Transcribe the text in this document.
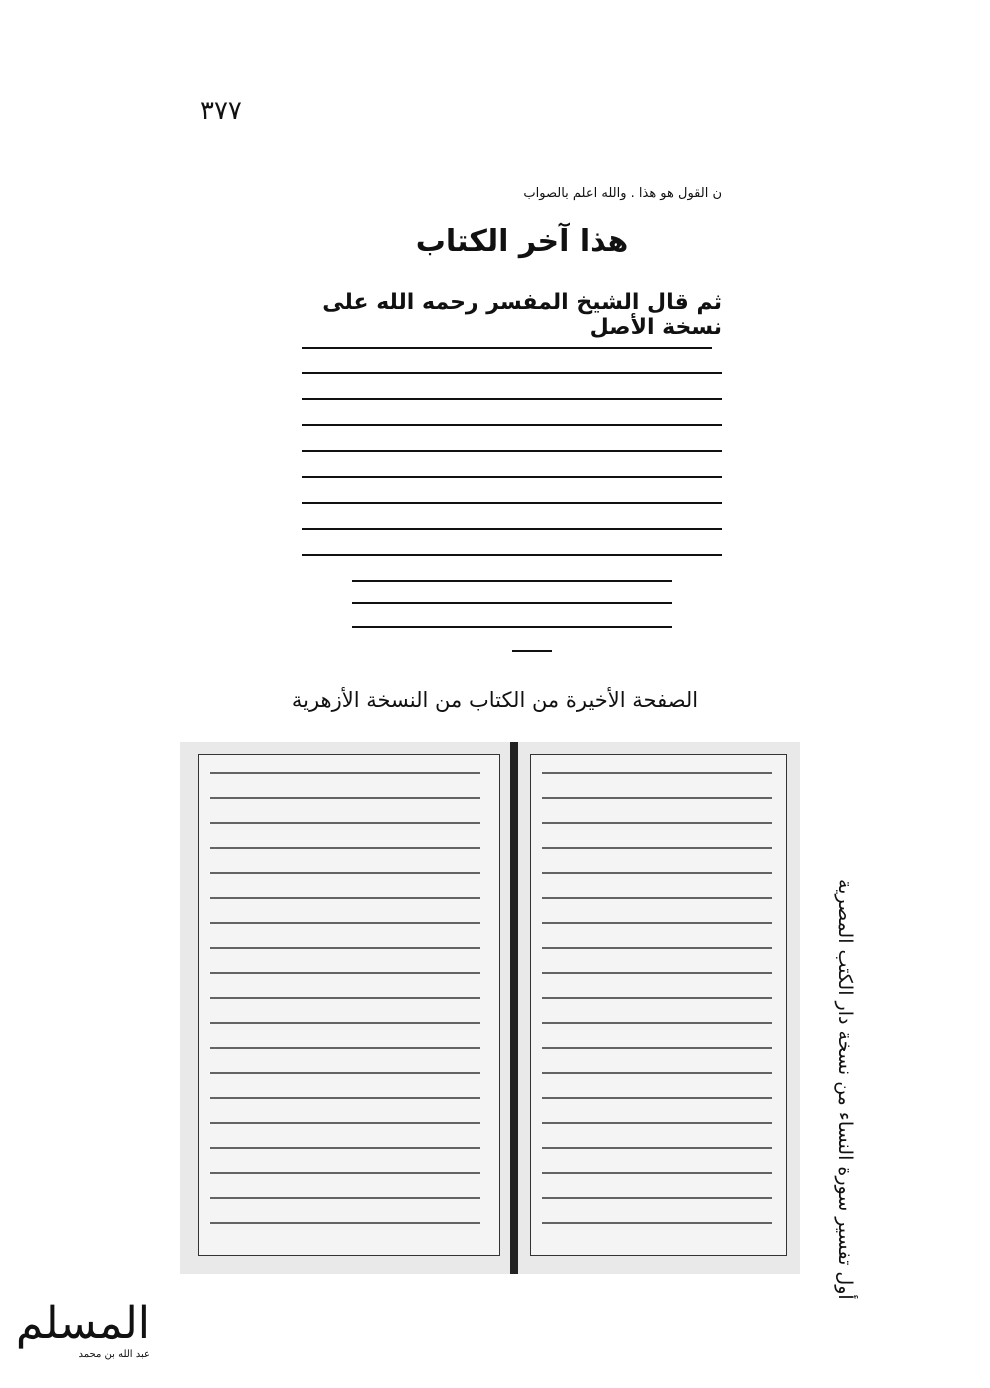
٣٧٧
ن القول هو هذا . والله اعلم بالصواب
هذا آخر الكتاب
ثم قال الشيخ المفسر رحمه الله على نسخة الأصل
الصفحة الأخيرة من الكتاب من النسخة الأزهرية
أول تفسير سورة النساء من نسخة دار الكتب المصرية
المسلم
عبد الله بن محمد
